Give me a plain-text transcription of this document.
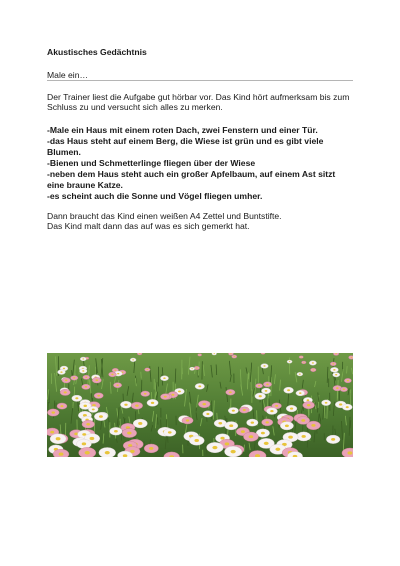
Akustisches Gedächtnis
Male ein…
Der Trainer liest die Aufgabe gut hörbar vor. Das Kind hört aufmerksam bis zum Schluss zu und versucht sich alles zu merken.
-Male ein Haus mit einem roten Dach, zwei Fenstern und einer Tür.
-das Haus steht auf einem Berg, die Wiese ist grün und es gibt viele Blumen.
-Bienen und Schmetterlinge fliegen über der Wiese
-neben dem Haus steht auch ein großer Apfelbaum, auf einem Ast sitzt eine braune Katze.
-es scheint auch die Sonne und Vögel fliegen umher.
Dann braucht das Kind einen weißen A4 Zettel und Buntstifte.
Das Kind malt dann das auf was es sich gemerkt hat.
